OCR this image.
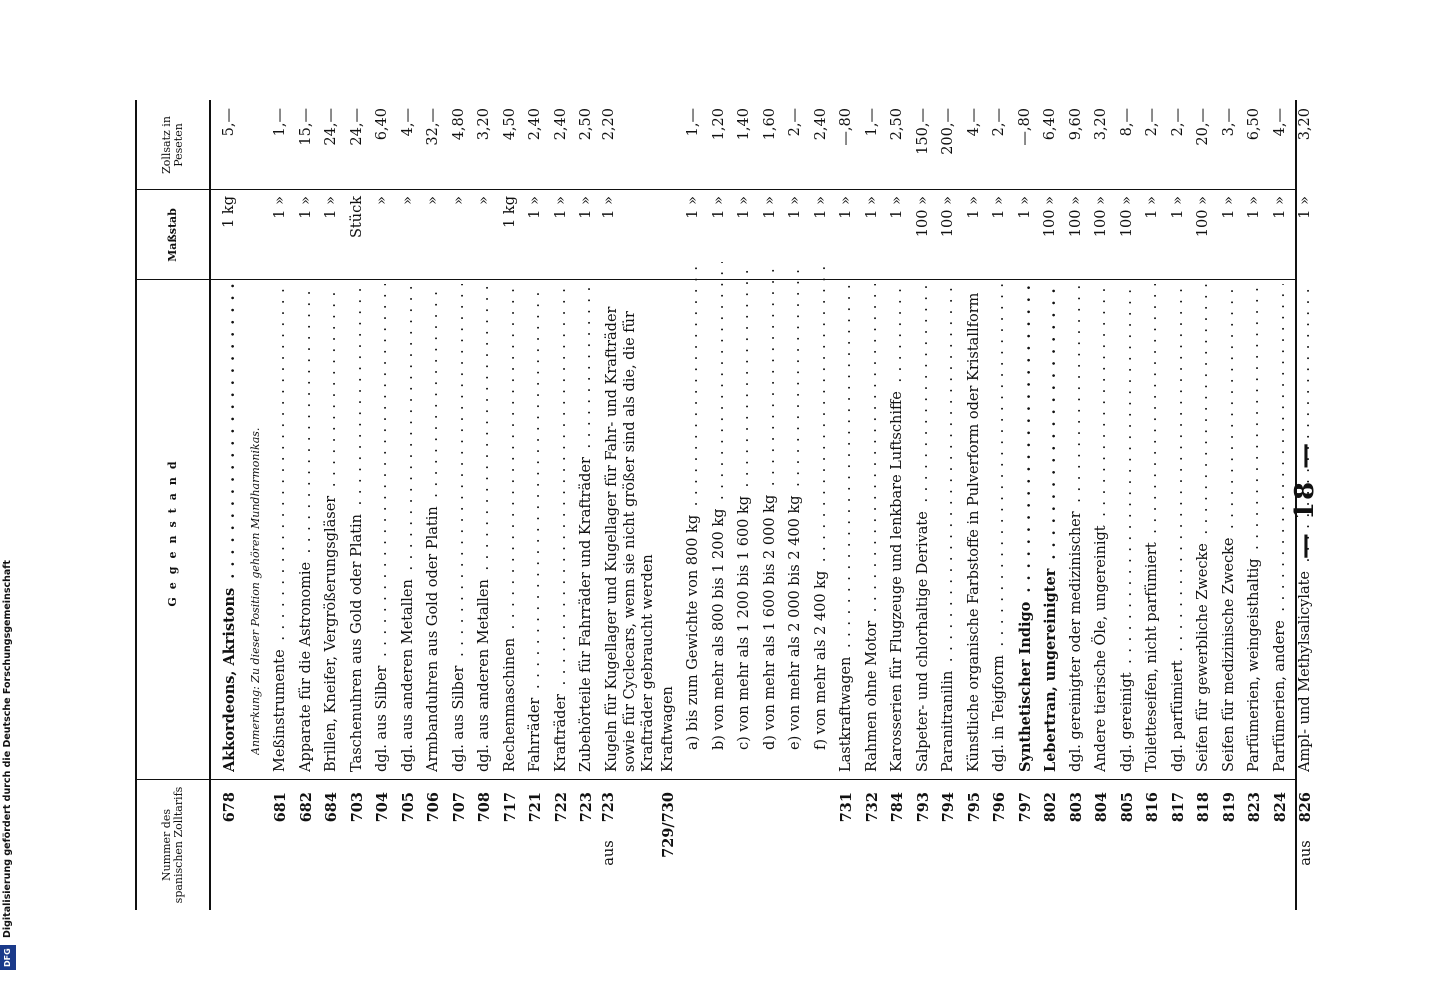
DFG Digitalisierung gefördert durch die Deutsche Forschungsgemeinschaft	Nummer des spanischen Zolltarifs
Gegenstand
Maßstab
Zollsatz in Peseten
678
Akkordeons, Akristons . . .
1 kg
5,—
Anmerkung: Zu dieser Position gehören Mundharmonikas.
681
Meßinstrumente . . .
1 »
1,—
682
Apparate für die Astronomie . . .
1 »
15,—
684
Brillen, Kneifer, Vergrößerungsgläser . . .
1 »
24,—
703
Taschenuhren aus Gold oder Platin . . .
Stück
24,—
704
dgl. aus Silber . . .
»
6,40
705
dgl. aus anderen Metallen . . .
»
4,—
706
Armbanduhren aus Gold oder Platin . . .
»
32,—
707
dgl. aus Silber . . .
»
4,80
708
dgl. aus anderen Metallen . . .
»
3,20
717
Rechenmaschinen . . .
1 kg
4,50
721
Fahrräder . . .
1 »
2,40
722
Krafträder . . .
1 »
2,40
723
Zubehörteile für Fahrräder und Krafträder . . .
1 »
2,50
aus723
Kugeln für Kugellager und Kugellager für Fahr- und Krafträder sowie für Cyclecars, wenn sie nicht größer sind als die, die für Krafträder gebraucht werden
1 »
2,20
729/730
Kraftwagen a) bis zum Gewichte von 800 kg . . .
1 »
1,—
b) von mehr als 800 bis 1 200 kg . . .
1 »
1,20
c) von mehr als 1 200 bis 1 600 kg . . .
1 »
1,40
d) von mehr als 1 600 bis 2 000 kg . . .
1 »
1,60
e) von mehr als 2 000 bis 2 400 kg . . .
1 »
2,—
f) von mehr als 2 400 kg . . .
1 »
2,40
731
Lastkraftwagen . . .
1 »
—,80
732
Rahmen ohne Motor . . .
1 »
1,—
784
Karosserien für Flugzeuge und lenkbare Luftschiffe . . .
1 »
2,50
793
Salpeter- und chlorhaltige Derivate . . .
100 »
150,—
794
Paranitranilin . . .
100 »
200,—
795
Künstliche organische Farbstoffe in Pulverform oder Kristallform . . .
1 »
4,—
796
dgl. in Teigform . . .
1 »
2,—
797
Synthetischer Indigo . . .
1 »
—,80
802
Lebertran, ungereinigter . . .
100 »
6,40
803
dgl. gereinigter oder medizinischer . . .
100 »
9,60
804
Andere tierische Öle, ungereinigt . . .
100 »
3,20
805
dgl. gereinigt . . .
100 »
8,—
816
Toiletteseifen, nicht parfümiert . . .
1 »
2,—
817
dgl. parfümiert . . .
1 »
2,—
818
Seifen für gewerbliche Zwecke . . .
100 »
20,—
819
Seifen für medizinische Zwecke . . .
1 »
3,—
823
Parfümerien, weingeisthaltig . . .
1 »
6,50
824
Parfümerien, andere . . .
1 »
4,—
aus826
Ampl- und Methylsalicylate . . .
1 »
3,20
— 18 —
